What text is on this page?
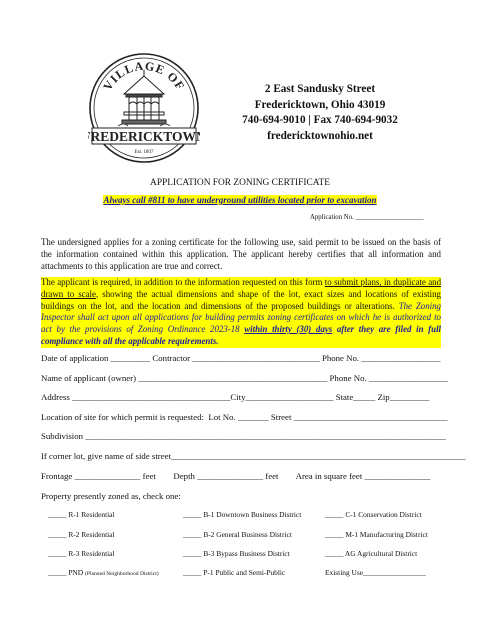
VILLAGE OF
FREDERICKTOWN
Est. 1807
2 East Sandusky Street
Fredericktown, Ohio 43019
740-694-9010 | Fax 740-694-9032
fredericktownohio.net
APPLICATION FOR ZONING CERTIFICATE
Always call #811 to have underground utilities located prior to excavation
Application No. ____________________
The undersigned applies for a zoning certificate for the following use, said permit to be issued on the basis of the information contained within this application. The applicant hereby certifies that all information and attachments to this application are true and correct.
The applicant is required, in addition to the information requested on this form to submit plans, in duplicate and drawn to scale, showing the actual dimensions and shape of the lot, exact sizes and locations of existing buildings on the lot, and the location and dimensions of the proposed buildings or alterations. The Zoning Inspector shall act upon all applications for building permits zoning certificates on which he is authorized to act by the provisions of Zoning Ordinance 2023-18 within thirty (30) days after they are filed in full compliance with all the applicable requirements.
Date of application _________ Contractor _____________________________ Phone No. __________________
Name of applicant (owner) ___________________________________________ Phone No. __________________
Address ____________________________________City____________________ State_____ Zip_________
Location of site for which permit is requested:  Lot No. _______ Street ___________________________________
Subdivision __________________________________________________________________________________
If corner lot, give name of side street___________________________________________________________________
Frontage _______________ feet        Depth _______________ feet        Area in square feet _______________
Property presently zoned as, check one:
_____ R-1 Residential
_____ R-2 Residential
_____ R-3 Residential
_____ PND (Planned Neighborhood District)
_____ B-1 Downtown Business District
_____ B-2 General Business District
_____ B-3 Bypass Business District
_____ P-1 Public and Semi-Public
_____ C-1 Conservation District
_____ M-1 Manufacturing District
_____ AG Agricultural District
Existing Use_________________
